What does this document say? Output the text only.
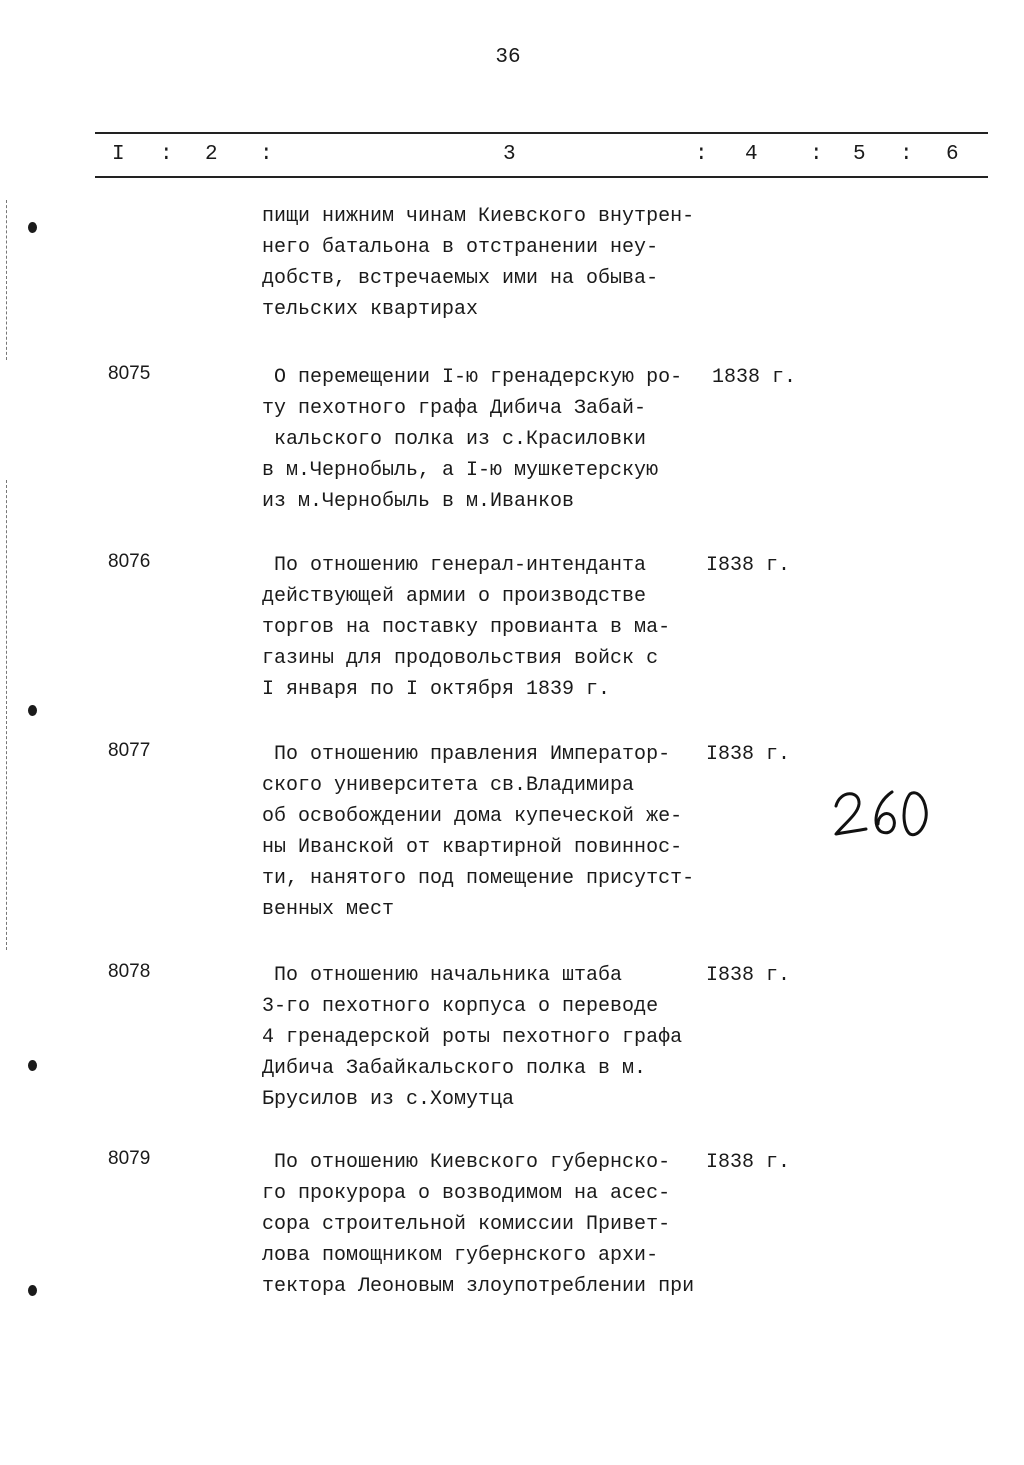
36
I : 2 :	3	: 4 : 5 : 6
пищи нижним чинам Киевского внутрен-
него батальона в отстранении неу-
добств, встречаемых ими на обыва-
тельских квартирах
8075	О перемещении I-ю гренадерскую ро-
ту пехотного графа Дибича Забай-
кальского полка из с.Красиловки
в м.Чернобыль, а I-ю мушкетерскую
из м.Чернобыль в м.Иванков
1838 г.
8076	По отношению генерал-интенданта
действующей армии о производстве
торгов на поставку провианта в ма-
газины для продовольствия войск с
I января по I октября 1839 г.
I838 г.
8077	По отношению правления Император-
ского университета св.Владимира
об освобождении дома купеческой же-
ны Иванской от квартирной повиннос-
ти, нанятого под помещение присутст-
венных мест
I838 г.
8078	По отношению начальника штаба
3-го пехотного корпуса о переводе
4 гренадерской роты пехотного графа
Дибича Забайкальского полка в м.
Брусилов из с.Хомутца
I838 г.
8079	По отношению Киевского губернско-
го прокурора о возводимом на асес-
сора строительной комиссии Привет-
лова помощником губернского архи-
тектора Леоновым злоупотреблении при
I838 г.
